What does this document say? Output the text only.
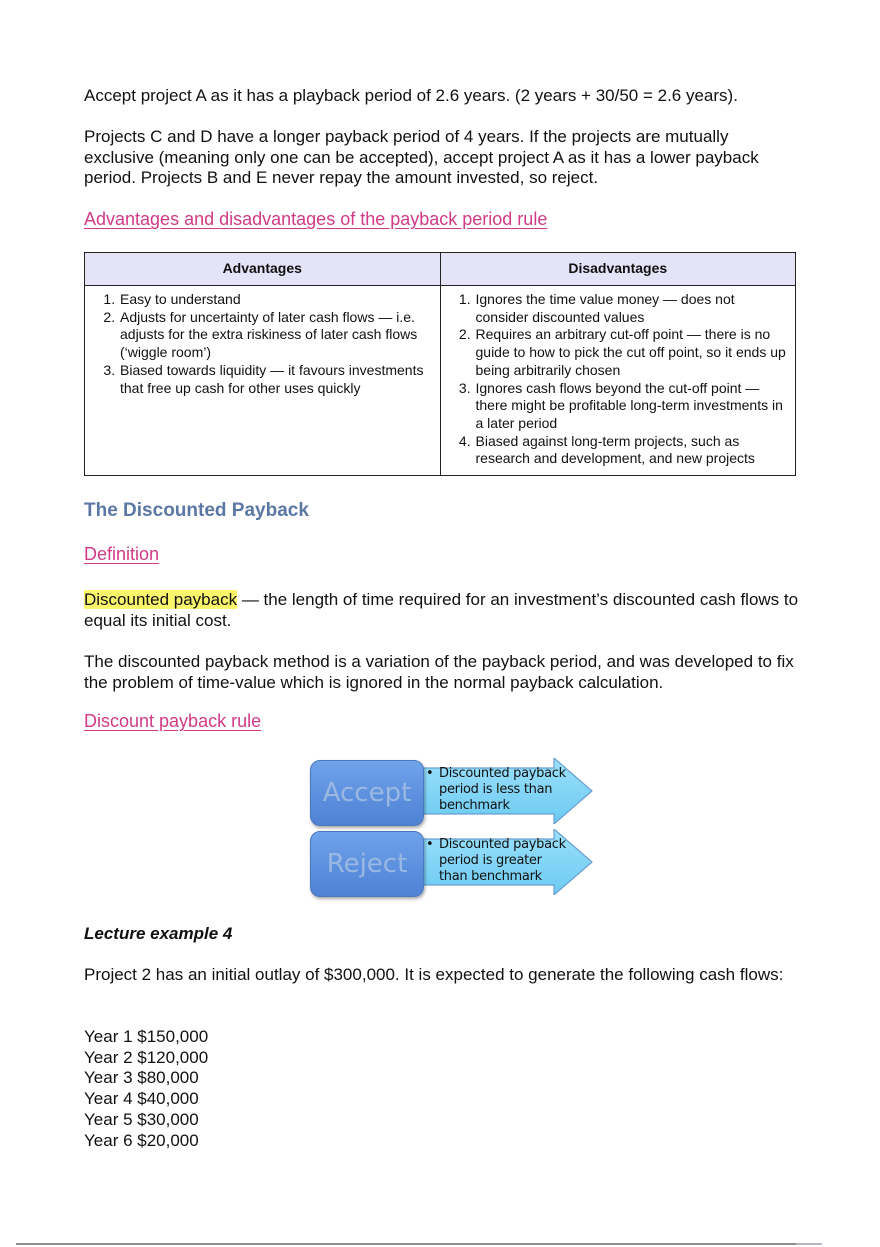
Accept project A as it has a playback period of 2.6 years. (2 years + 30/50 = 2.6 years).

Projects C and D have a longer payback period of 4 years. If the projects are mutually exclusive (meaning only one can be accepted), accept project A as it has a lower payback period. Projects B and E never repay the amount invested, so reject.

Advantages and disadvantages of the payback period rule
Advantages	Disadvantages

1. Easy to understand
2. Adjusts for uncertainty of later cash flows — i.e. adjusts for the extra riskiness of later cash flows (‘wiggle room’)
3. Biased towards liquidity — it favours investments that free up cash for other uses quickly

1. Ignores the time value money — does not consider discounted values
2. Requires an arbitrary cut-off point — there is no guide to how to pick the cut off point, so it ends up being arbitrarily chosen
3. Ignores cash flows beyond the cut-off point — there might be profitable long-term investments in a later period
4. Biased against long-term projects, such as research and development, and new projects
The Discounted Payback
Definition

Discounted payback — the length of time required for an investment’s discounted cash flows to equal its initial cost.

The discounted payback method is a variation of the payback period, and was developed to fix the problem of time-value which is ignored in the normal payback calculation.

Discount payback rule
• Discounted payback period is less than benchmark
Accept
• Discounted payback period is greater than benchmark
Reject

Lecture example 4

Project 2 has an initial outlay of $300,000. It is expected to generate the following cash flows:

Year 1 $150,000
Year 2 $120,000
Year 3 $80,000
Year 4 $40,000
Year 5 $30,000
Year 6 $20,000
